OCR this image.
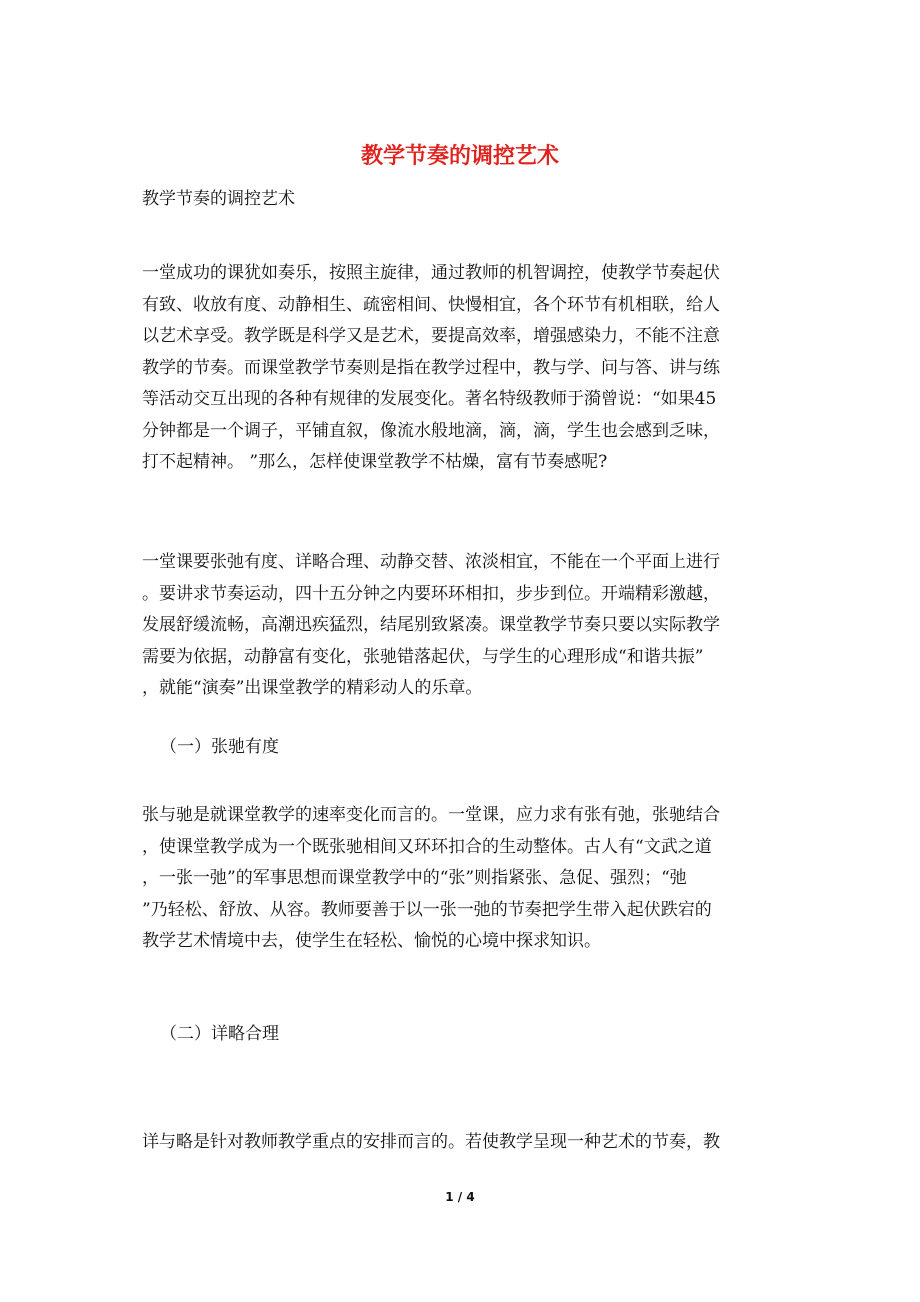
教学节奏的调控艺术
教学节奏的调控艺术
一堂成功的课犹如奏乐，按照主旋律，通过教师的机智调控，使教学节奏起伏
有致、收放有度、动静相生、疏密相间、快慢相宜，各个环节有机相联，给人
以艺术享受。教学既是科学又是艺术，要提高效率，增强感染力，不能不注意
教学的节奏。而课堂教学节奏则是指在教学过程中，教与学、问与答、讲与练
等活动交互出现的各种有规律的发展变化。著名特级教师于漪曾说：“如果45
分钟都是一个调子，平铺直叙，像流水般地滴，滴，滴，学生也会感到乏味，
打不起精神。 ”那么，怎样使课堂教学不枯燥，富有节奏感呢?
一堂课要张弛有度、详略合理、动静交替、浓淡相宜，不能在一个平面上进行
。要讲求节奏运动，四十五分钟之内要环环相扣，步步到位。开端精彩激越，
发展舒缓流畅，高潮迅疾猛烈，结尾别致紧凑。课堂教学节奏只要以实际教学
需要为依据，动静富有变化，张驰错落起伏，与学生的心理形成“和谐共振”
，就能“演奏”出课堂教学的精彩动人的乐章。
（一）张驰有度
张与驰是就课堂教学的速率变化而言的。一堂课，应力求有张有弛，张驰结合
，使课堂教学成为一个既张驰相间又环环扣合的生动整体。古人有“文武之道
，一张一弛”的军事思想而课堂教学中的“张”则指紧张、急促、强烈；“弛
”乃轻松、舒放、从容。教师要善于以一张一弛的节奏把学生带入起伏跌宕的
教学艺术情境中去，使学生在轻松、愉悦的心境中探求知识。
（二）详略合理
详与略是针对教师教学重点的安排而言的。若使教学呈现一种艺术的节奏，教
1 / 4
